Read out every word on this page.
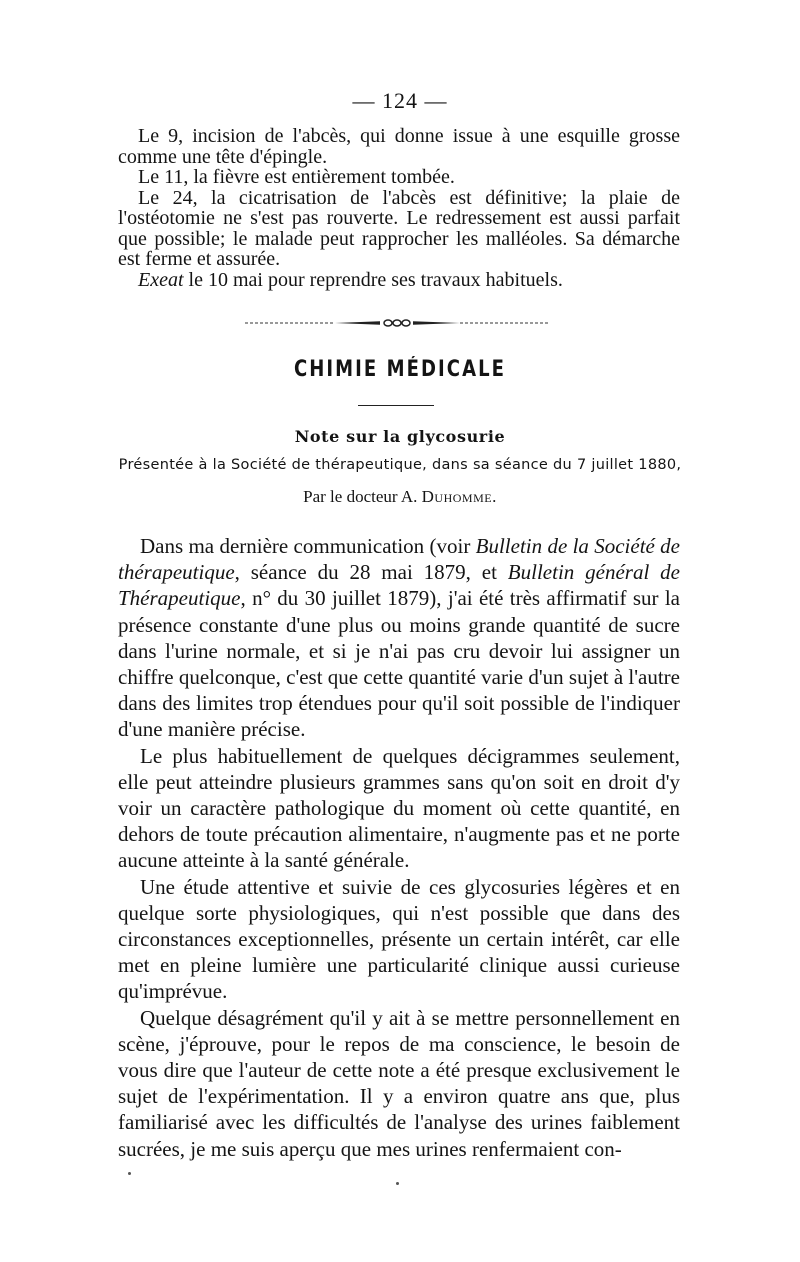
— 124 —

Le 9, incision de l'abcès, qui donne issue à une esquille grosse comme une tête d'épingle.

Le 11, la fièvre est entièrement tombée.

Le 24, la cicatrisation de l'abcès est définitive; la plaie de l'ostéotomie ne s'est pas rouverte. Le redressement est aussi parfait que possible; le malade peut rapprocher les malléoles. Sa démarche est ferme et assurée.

Exeat le 10 mai pour reprendre ses travaux habituels.

CHIMIE MÉDICALE
Note sur la glycosurie
Présentée à la Société de thérapeutique, dans sa séance du 7 juillet 1880,
Par le docteur A. Duhomme.

Dans ma dernière communication (voir Bulletin de la Société de thérapeutique, séance du 28 mai 1879, et Bulletin général de Thérapeutique, n° du 30 juillet 1879), j'ai été très affirmatif sur la présence constante d'une plus ou moins grande quantité de sucre dans l'urine normale, et si je n'ai pas cru devoir lui assigner un chiffre quelconque, c'est que cette quantité varie d'un sujet à l'autre dans des limites trop étendues pour qu'il soit possible de l'indiquer d'une manière précise.

Le plus habituellement de quelques décigrammes seulement, elle peut atteindre plusieurs grammes sans qu'on soit en droit d'y voir un caractère pathologique du moment où cette quantité, en dehors de toute précaution alimentaire, n'augmente pas et ne porte aucune atteinte à la santé générale.

Une étude attentive et suivie de ces glycosuries légères et en quelque sorte physiologiques, qui n'est possible que dans des circonstances exceptionnelles, présente un certain intérêt, car elle met en pleine lumière une particularité clinique aussi curieuse qu'imprévue.

Quelque désagrément qu'il y ait à se mettre personnellement en scène, j'éprouve, pour le repos de ma conscience, le besoin de vous dire que l'auteur de cette note a été presque exclusivement le sujet de l'expérimentation. Il y a environ quatre ans que, plus familiarisé avec les difficultés de l'analyse des urines faiblement sucrées, je me suis aperçu que mes urines renfermaient con-
